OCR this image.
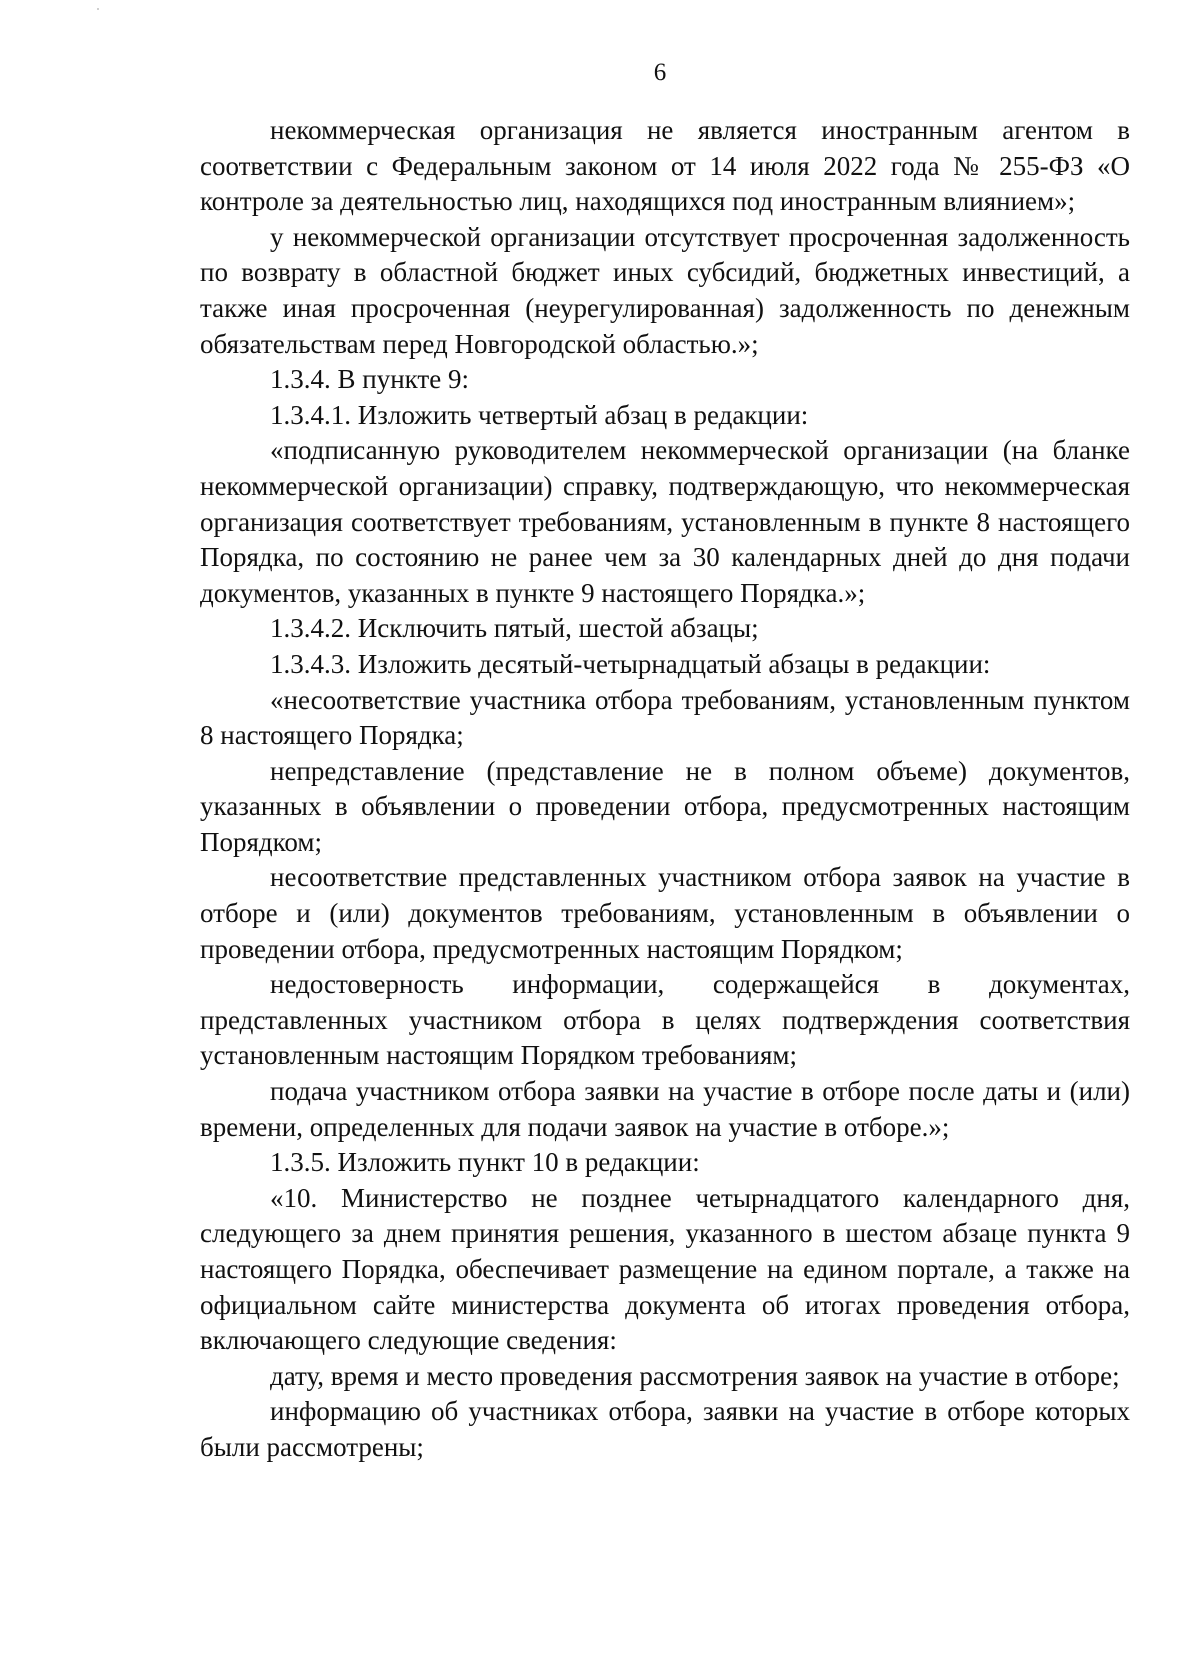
6

некоммерческая организация не является иностранным агентом в соответствии с Федеральным законом от 14 июля 2022 года № 255-ФЗ «О контроле за деятельностью лиц, находящихся под иностранным влиянием»;

у некоммерческой организации отсутствует просроченная задолженность по возврату в областной бюджет иных субсидий, бюджетных инвестиций, а также иная просроченная (неурегулированная) задолженность по денежным обязательствам перед Новгородской областью.»;

1.3.4. В пункте 9:

1.3.4.1. Изложить четвертый абзац в редакции:

«подписанную руководителем некоммерческой организации (на бланке некоммерческой организации) справку, подтверждающую, что некоммерческая организация соответствует требованиям, установленным в пункте 8 настоящего Порядка, по состоянию не ранее чем за 30 календарных дней до дня подачи документов, указанных в пункте 9 настоящего Порядка.»;

1.3.4.2. Исключить пятый, шестой абзацы;

1.3.4.3. Изложить десятый-четырнадцатый абзацы в редакции:

«несоответствие участника отбора требованиям, установленным пунктом 8 настоящего Порядка;

непредставление (представление не в полном объеме) документов, указанных в объявлении о проведении отбора, предусмотренных настоящим Порядком;

несоответствие представленных участником отбора заявок на участие в отборе и (или) документов требованиям, установленным в объявлении о проведении отбора, предусмотренных настоящим Порядком;

недостоверность информации, содержащейся в документах, представленных участником отбора в целях подтверждения соответствия установленным настоящим Порядком требованиям;

подача участником отбора заявки на участие в отборе после даты и (или) времени, определенных для подачи заявок на участие в отборе.»;

1.3.5. Изложить пункт 10 в редакции:

«10. Министерство не позднее четырнадцатого календарного дня, следующего за днем принятия решения, указанного в шестом абзаце пункта 9 настоящего Порядка, обеспечивает размещение на едином портале, а также на официальном сайте министерства документа об итогах проведения отбора, включающего следующие сведения:

дату, время и место проведения рассмотрения заявок на участие в отборе;

информацию об участниках отбора, заявки на участие в отборе которых были рассмотрены;
